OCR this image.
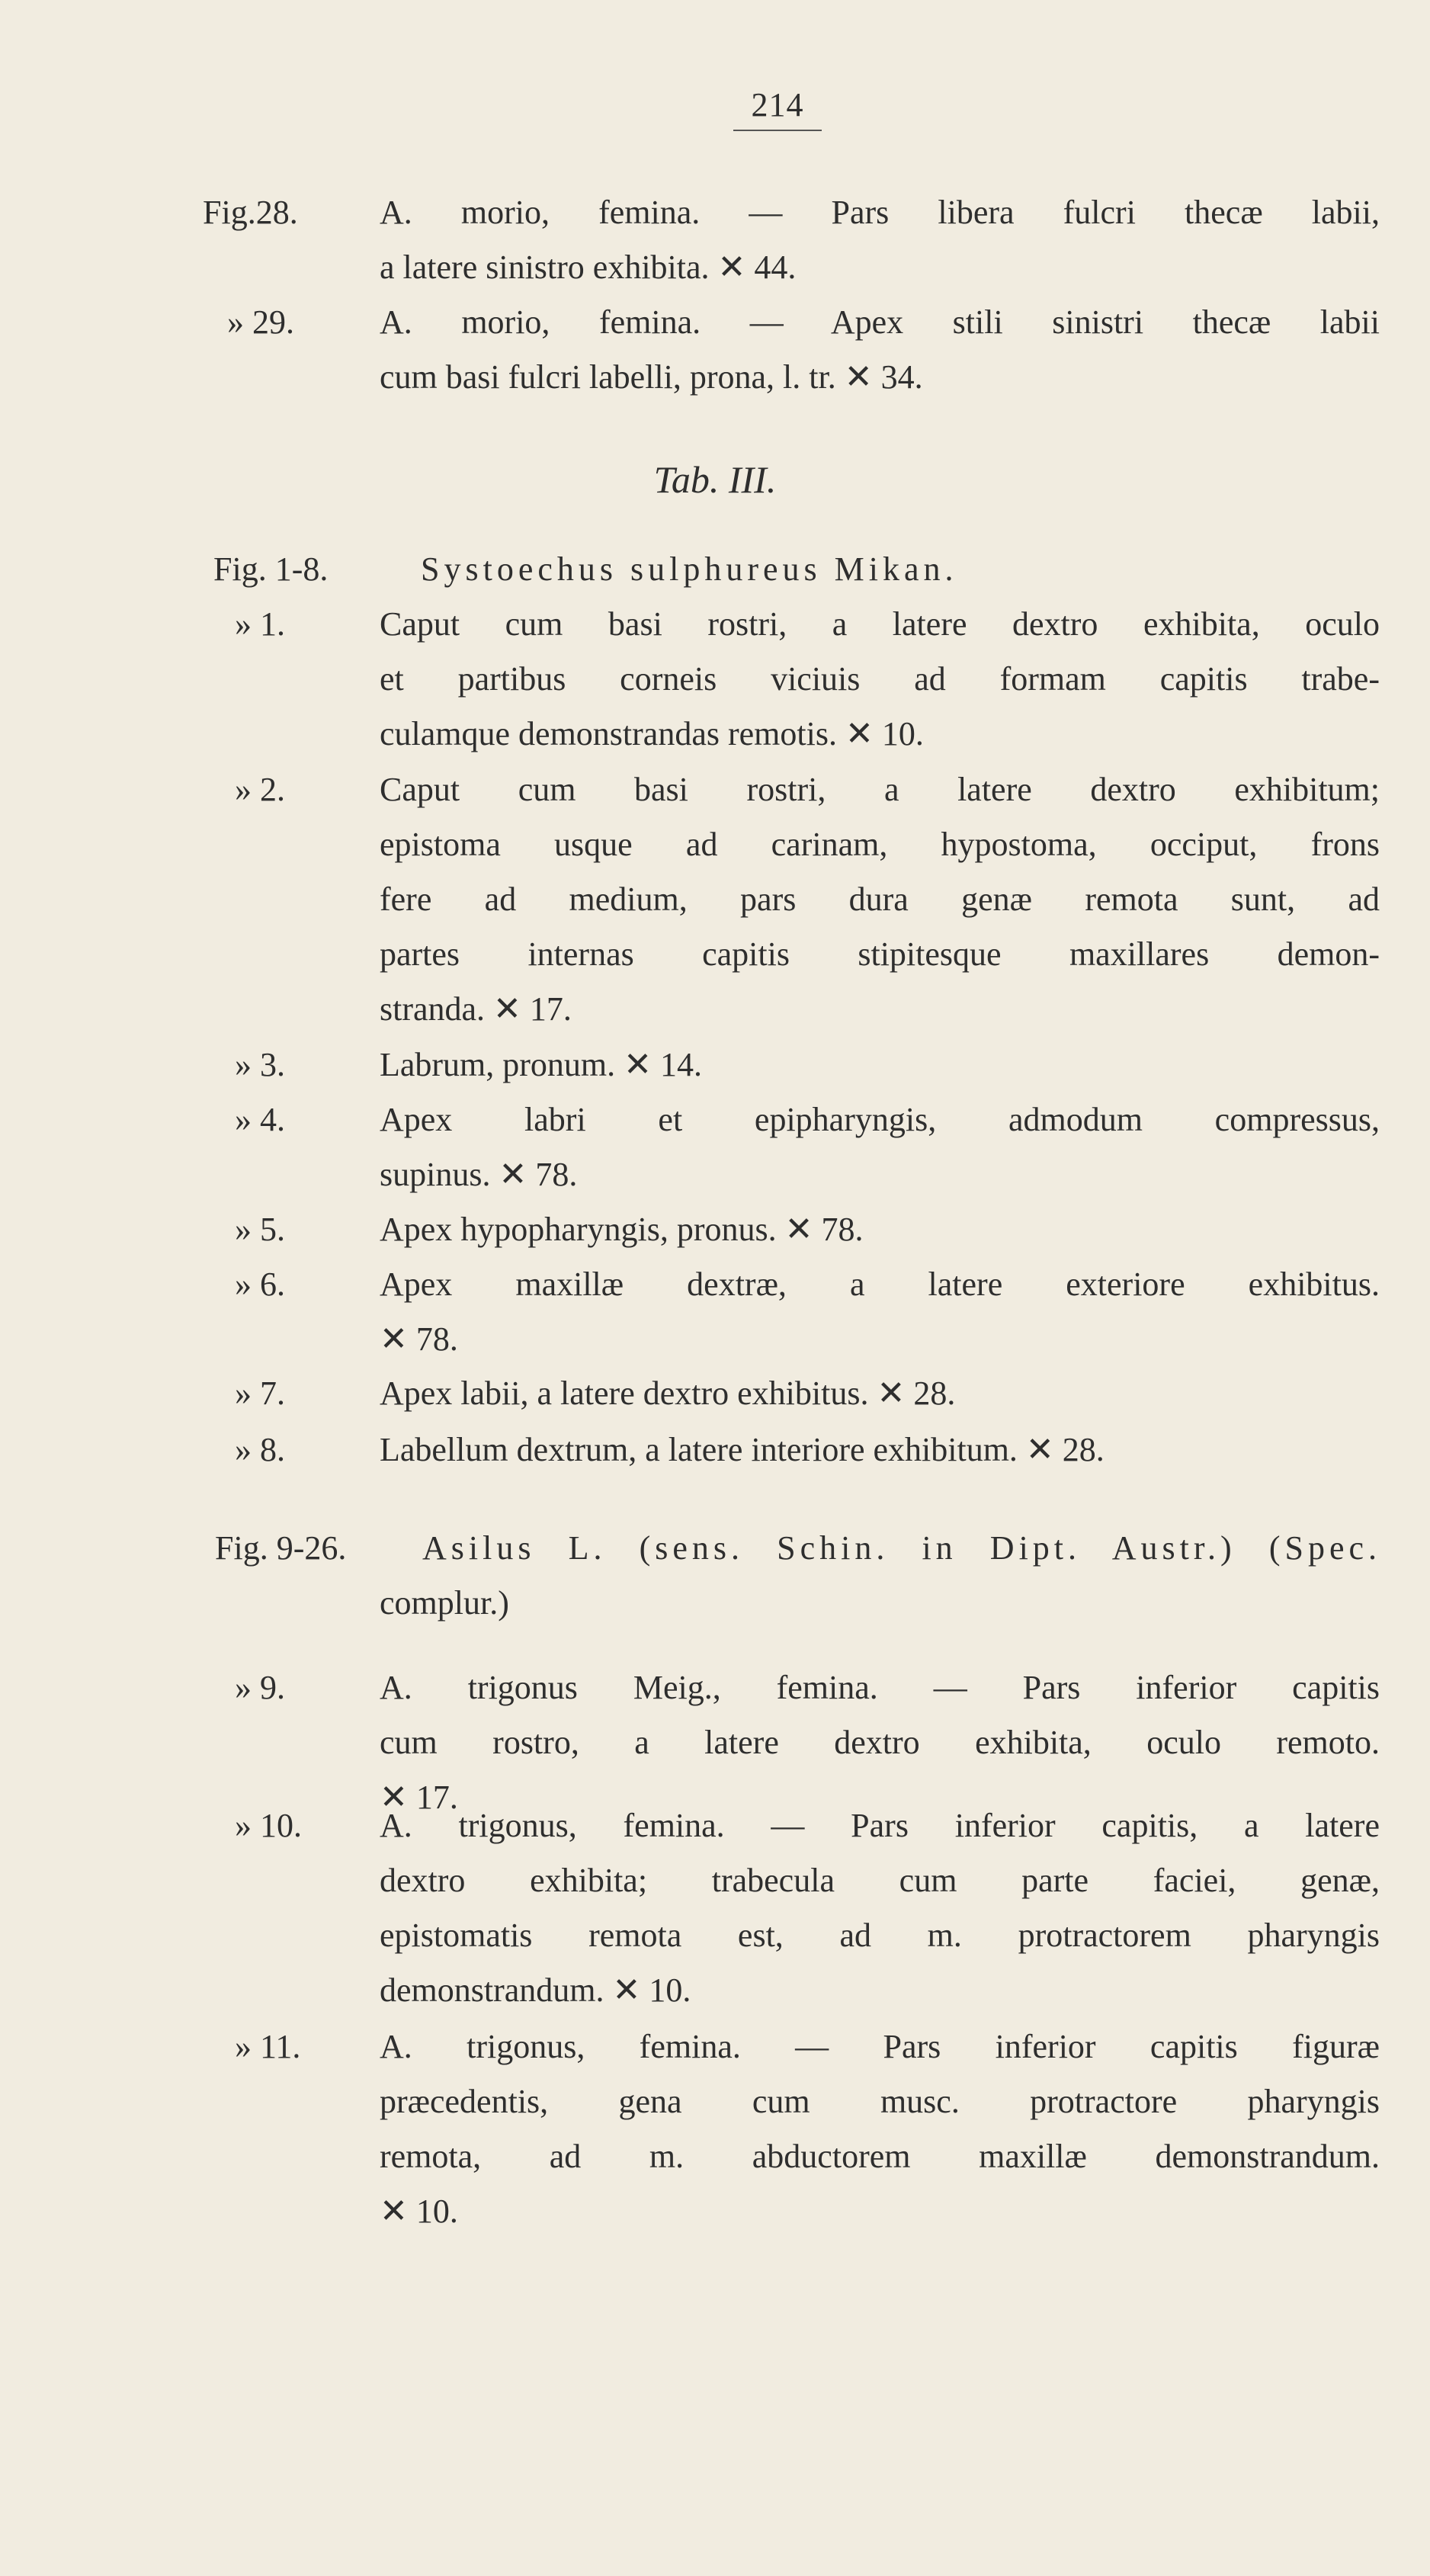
214
Tab. III.
Fig.28. A. morio, femina. — Pars libera fulcri thecæ labii,
a latere sinistro exhibita. ✕ 44.
» 29.	A. morio, femina. — Apex stili sinistri thecæ labii
cum basi fulcri labelli, prona, l. tr. ✕ 34.
Fig. 1-8.	Systoechus sulphureus Mikan.
» 1.	Caput cum basi rostri, a latere dextro exhibita, oculo
et partibus corneis viciuis ad formam capitis trabe-
culamque demonstrandas remotis. ✕ 10.
» 2.	Caput cum basi rostri, a latere dextro exhibitum;
epistoma usque ad carinam, hypostoma, occiput, frons
fere ad medium, pars dura genæ remota sunt, ad
partes internas capitis stipitesque maxillares demon-
stranda. ✕ 17.
» 3.	Labrum, pronum. ✕ 14.
» 4.	Apex labri et epipharyngis, admodum compressus,
supinus. ✕ 78.
» 5.	Apex hypopharyngis, pronus. ✕ 78.
» 6.	Apex maxillæ dextræ, a latere exteriore exhibitus.
✕ 78.
» 7.	Apex labii, a latere dextro exhibitus. ✕ 28.
» 8.	Labellum dextrum, a latere interiore exhibitum. ✕ 28.
Fig. 9-26. Asilus L. (sens. Schin. in Dipt. Austr.) (Spec.
complur.)
» 9.	A. trigonus Meig., femina. — Pars inferior capitis
cum rostro, a latere dextro exhibita, oculo remoto.
✕ 17.
» 10. A. trigonus, femina. — Pars inferior capitis, a latere
dextro exhibita; trabecula cum parte faciei, genæ,
epistomatis remota est, ad m. protractorem pharyngis
demonstrandum. ✕ 10.
» 11. A. trigonus, femina. — Pars inferior capitis figuræ
præcedentis, gena cum musc. protractore pharyngis
remota, ad m. abductorem maxillæ demonstrandum.
✕ 10.
